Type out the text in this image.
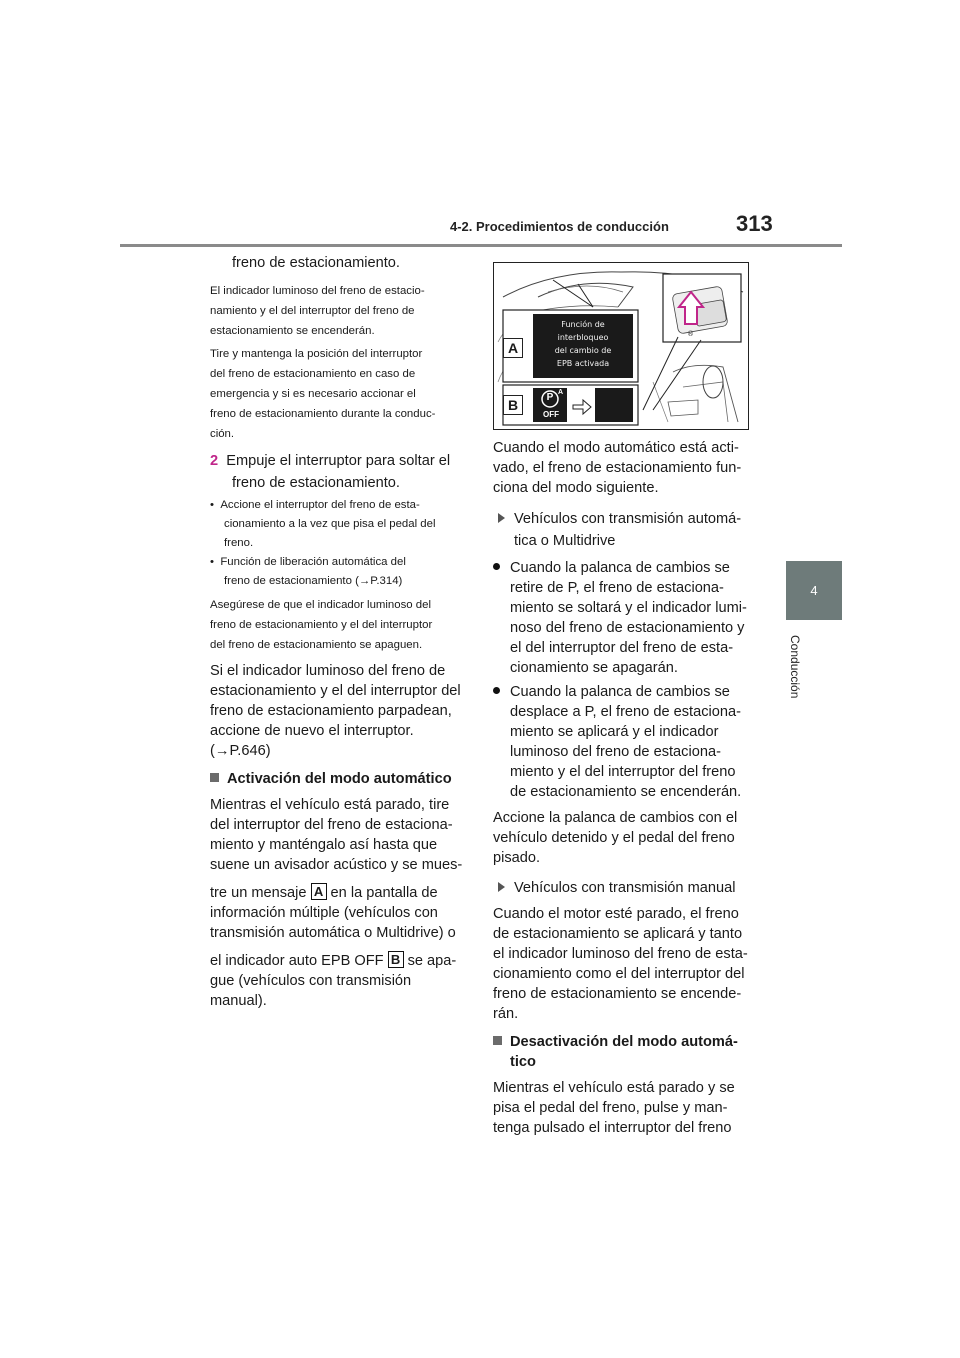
4-2. Procedimientos de conducción	313
4
Conducción

freno de estacionamiento.

El indicador luminoso del freno de estacio-
namiento y el del interruptor del freno de
estacionamiento se encenderán.
Tire y mantenga la posición del interruptor
del freno de estacionamiento en caso de
emergencia y si es necesario accionar el
freno de estacionamiento durante la conduc-
ción.
2 Empuje el interruptor para soltar el
freno de estacionamiento.
•  Accione el interruptor del freno de esta-
cionamiento a la vez que pisa el pedal del
freno.
•  Función de liberación automática del
freno de estacionamiento (→P.314)
Asegúrese de que el indicador luminoso del
freno de estacionamiento y el del interruptor
del freno de estacionamiento se apaguen.
Si el indicador luminoso del freno de
estacionamiento y el del interruptor del
freno de estacionamiento parpadean,
accione de nuevo el interruptor.
(→P.646)
Activación del modo automático
Mientras el vehículo está parado, tire
del interruptor del freno de estaciona-
miento y manténgalo así hasta que
suene un avisador acústico y se mues-
tre un mensaje A en la pantalla de
información múltiple (vehículos con
transmisión automática o Multidrive) o
el indicador auto EPB OFF B se apa-
gue (vehículos con transmisión
manual).
®
A
B
Función de
interbloqueo
del cambio de
EPB activada
P A
OFF
Cuando el modo automático está acti-
vado, el freno de estacionamiento fun-
ciona del modo siguiente.
Vehículos con transmisión automá-
tica o Multidrive
Cuando la palanca de cambios se
retire de P, el freno de estaciona-
miento se soltará y el indicador lumi-
noso del freno de estacionamiento y
el del interruptor del freno de esta-
cionamiento se apagarán.
Cuando la palanca de cambios se
desplace a P, el freno de estaciona-
miento se aplicará y el indicador
luminoso del freno de estaciona-
miento y el del interruptor del freno
de estacionamiento se encenderán.
Accione la palanca de cambios con el
vehículo detenido y el pedal del freno
pisado.
Vehículos con transmisión manual
Cuando el motor esté parado, el freno
de estacionamiento se aplicará y tanto
el indicador luminoso del freno de esta-
cionamiento como el del interruptor del
freno de estacionamiento se encende-
rán.
Desactivación del modo automá-
tico
Mientras el vehículo está parado y se
pisa el pedal del freno, pulse y man-
tenga pulsado el interruptor del freno
